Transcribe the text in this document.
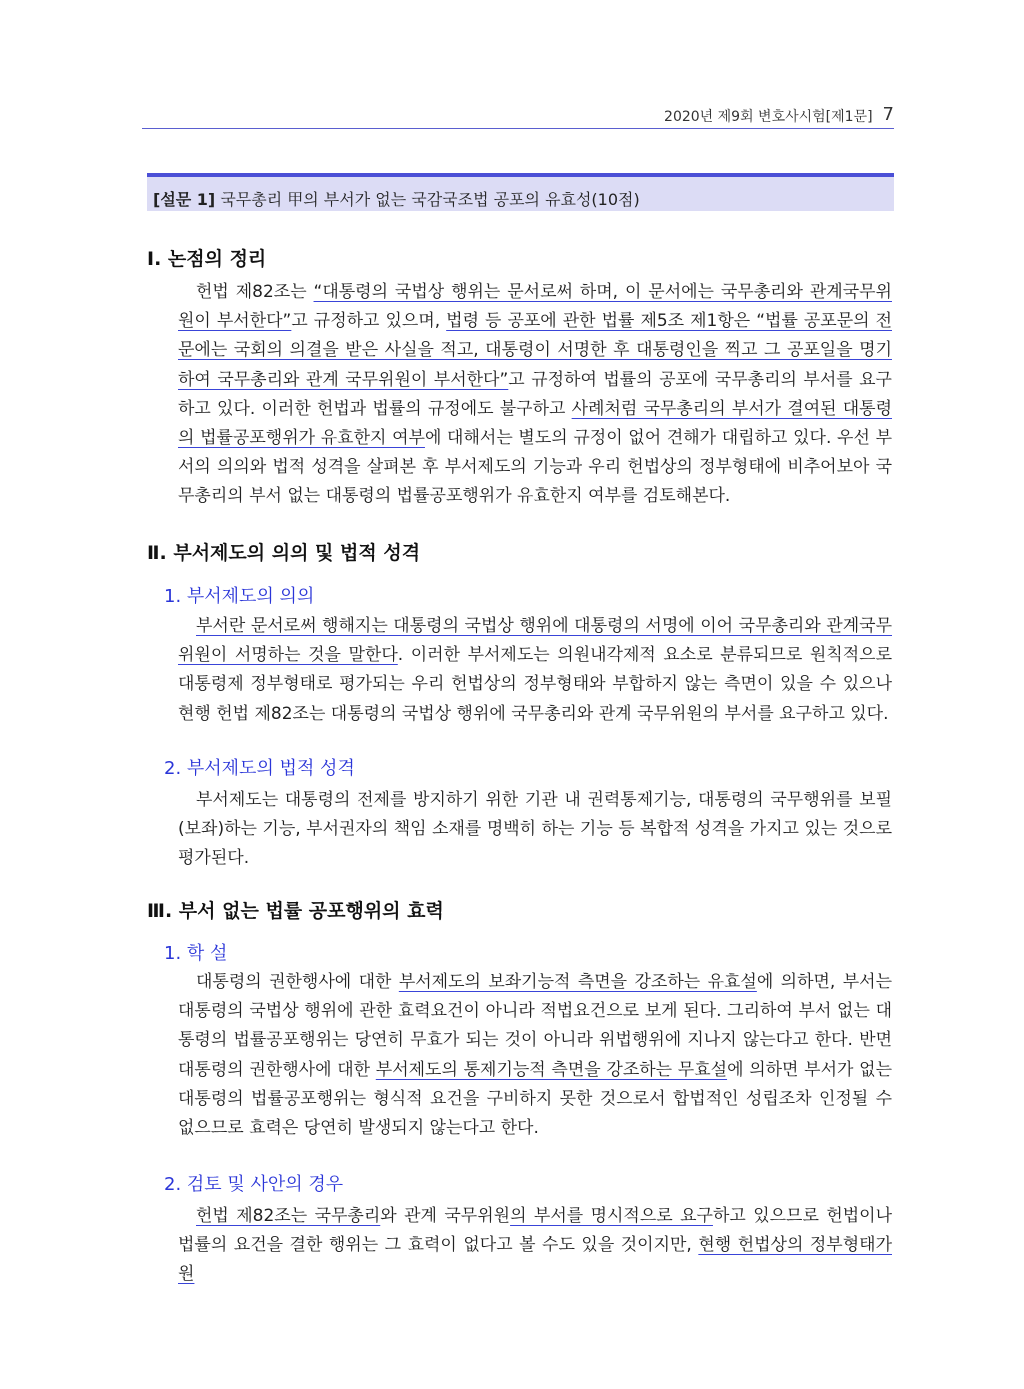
2020년 제9회 변호사시험[제1문] 7
[설문 1] 국무총리 甲의 부서가 없는 국감국조법 공포의 유효성(10점)
Ⅰ. 논점의 정리
헌법 제82조는 “대통령의 국법상 행위는 문서로써 하며, 이 문서에는 국무총리와 관계국무위원이 부서한다”고 규정하고 있으며, 법령 등 공포에 관한 법률 제5조 제1항은 “법률 공포문의 전문에는 국회의 의결을 받은 사실을 적고, 대통령이 서명한 후 대통령인을 찍고 그 공포일을 명기하여 국무총리와 관계 국무위원이 부서한다”고 규정하여 법률의 공포에 국무총리의 부서를 요구하고 있다. 이러한 헌법과 법률의 규정에도 불구하고 사례처럼 국무총리의 부서가 결여된 대통령의 법률공포행위가 유효한지 여부에 대해서는 별도의 규정이 없어 견해가 대립하고 있다. 우선 부서의 의의와 법적 성격을 살펴본 후 부서제도의 기능과 우리 헌법상의 정부형태에 비추어보아 국무총리의 부서 없는 대통령의 법률공포행위가 유효한지 여부를 검토해본다.
Ⅱ. 부서제도의 의의 및 법적 성격
1. 부서제도의 의의
부서란 문서로써 행해지는 대통령의 국법상 행위에 대통령의 서명에 이어 국무총리와 관계국무위원이 서명하는 것을 말한다. 이러한 부서제도는 의원내각제적 요소로 분류되므로 원칙적으로 대통령제 정부형태로 평가되는 우리 헌법상의 정부형태와 부합하지 않는 측면이 있을 수 있으나 현행 헌법 제82조는 대통령의 국법상 행위에 국무총리와 관계 국무위원의 부서를 요구하고 있다.
2. 부서제도의 법적 성격
부서제도는 대통령의 전제를 방지하기 위한 기관 내 권력통제기능, 대통령의 국무행위를 보필(보좌)하는 기능, 부서권자의 책임 소재를 명백히 하는 기능 등 복합적 성격을 가지고 있는 것으로 평가된다.
Ⅲ. 부서 없는 법률 공포행위의 효력
1. 학 설
대통령의 권한행사에 대한 부서제도의 보좌기능적 측면을 강조하는 유효설에 의하면, 부서는 대통령의 국법상 행위에 관한 효력요건이 아니라 적법요건으로 보게 된다. 그리하여 부서 없는 대통령의 법률공포행위는 당연히 무효가 되는 것이 아니라 위법행위에 지나지 않는다고 한다. 반면 대통령의 권한행사에 대한 부서제도의 통제기능적 측면을 강조하는 무효설에 의하면 부서가 없는 대통령의 법률공포행위는 형식적 요건을 구비하지 못한 것으로서 합법적인 성립조차 인정될 수 없으므로 효력은 당연히 발생되지 않는다고 한다.
2. 검토 및 사안의 경우
헌법 제82조는 국무총리와 관계 국무위원의 부서를 명시적으로 요구하고 있으므로 헌법이나 법률의 요건을 결한 행위는 그 효력이 없다고 볼 수도 있을 것이지만, 현행 헌법상의 정부형태가 원
